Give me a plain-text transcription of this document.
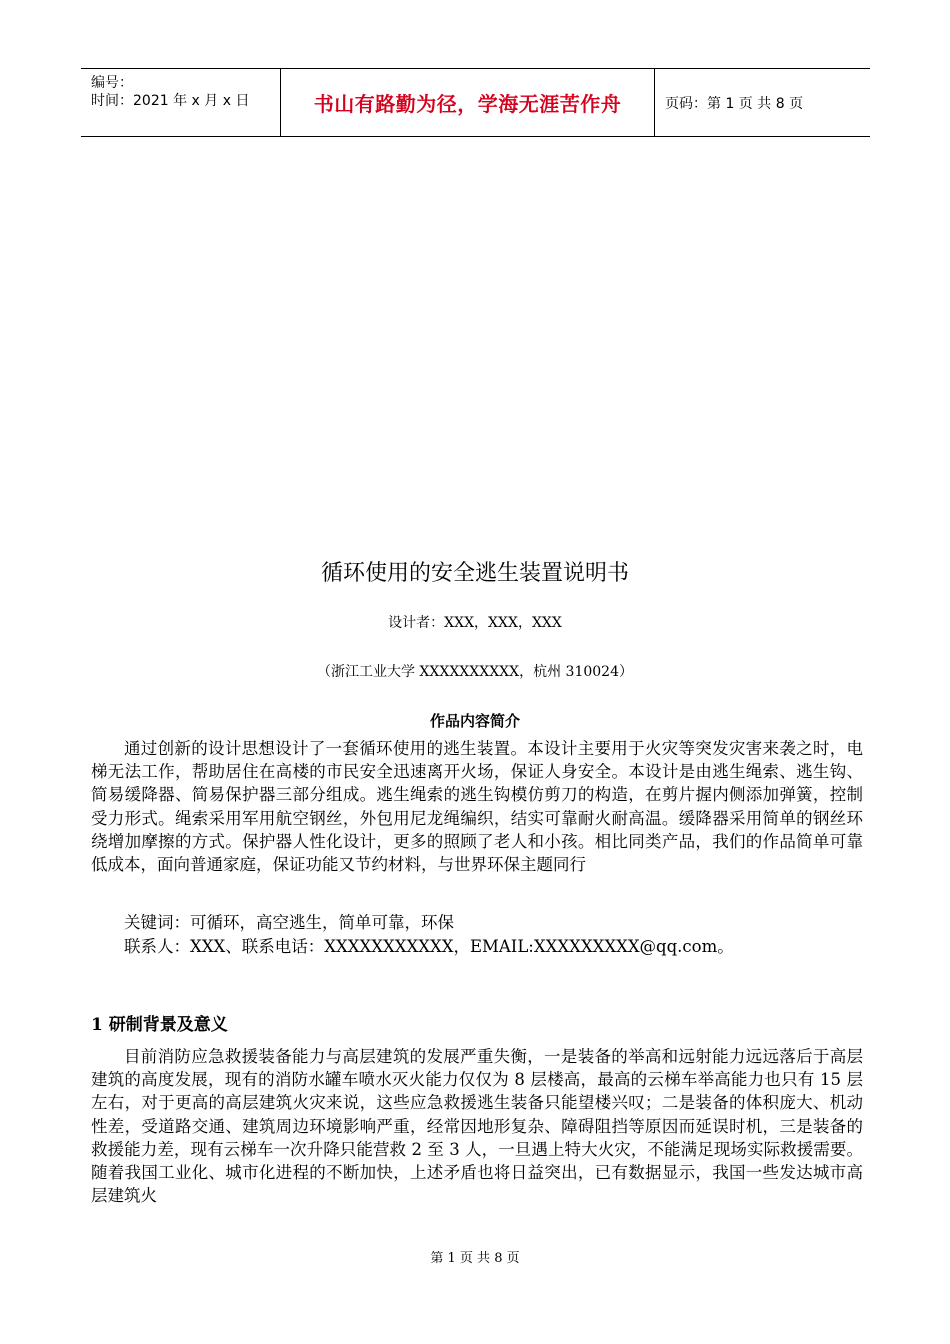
编号：
时间：2021 年 x 月 x 日	书山有路勤为径，学海无涯苦作舟	页码：第 1 页 共 8 页
循环使用的安全逃生装置说明书
设计者：XXX，XXX，XXX
（浙江工业大学 XXXXXXXXXX，杭州 310024）
作品内容简介

通过创新的设计思想设计了一套循环使用的逃生装置。本设计主要用于火灾等突发灾害来袭之时，电梯无法工作，帮助居住在高楼的市民安全迅速离开火场，保证人身安全。本设计是由逃生绳索、逃生钩、简易缓降器、简易保护器三部分组成。逃生绳索的逃生钩模仿剪刀的构造，在剪片握内侧添加弹簧，控制受力形式。绳索采用军用航空钢丝，外包用尼龙绳编织，结实可靠耐火耐高温。缓降器采用简单的钢丝环绕增加摩擦的方式。保护器人性化设计，更多的照顾了老人和小孩。相比同类产品，我们的作品简单可靠低成本，面向普通家庭，保证功能又节约材料，与世界环保主题同行

关键词：可循环，高空逃生，简单可靠，环保
联系人：XXX、联系电话：XXXXXXXXXXX，EMAIL:XXXXXXXXX@qq.com。
1 研制背景及意义

目前消防应急救援装备能力与高层建筑的发展严重失衡，一是装备的举高和远射能力远远落后于高层建筑的高度发展，现有的消防水罐车喷水灭火能力仅仅为 8 层楼高，最高的云梯车举高能力也只有 15 层左右，对于更高的高层建筑火灾来说，这些应急救援逃生装备只能望楼兴叹；二是装备的体积庞大、机动性差，受道路交通、建筑周边环境影响严重，经常因地形复杂、障碍阻挡等原因而延误时机，三是装备的救援能力差，现有云梯车一次升降只能营救 2 至 3 人，一旦遇上特大火灾，不能满足现场实际救援需要。随着我国工业化、城市化进程的不断加快，上述矛盾也将日益突出，已有数据显示，我国一些发达城市高层建筑火

第 1 页 共 8 页
